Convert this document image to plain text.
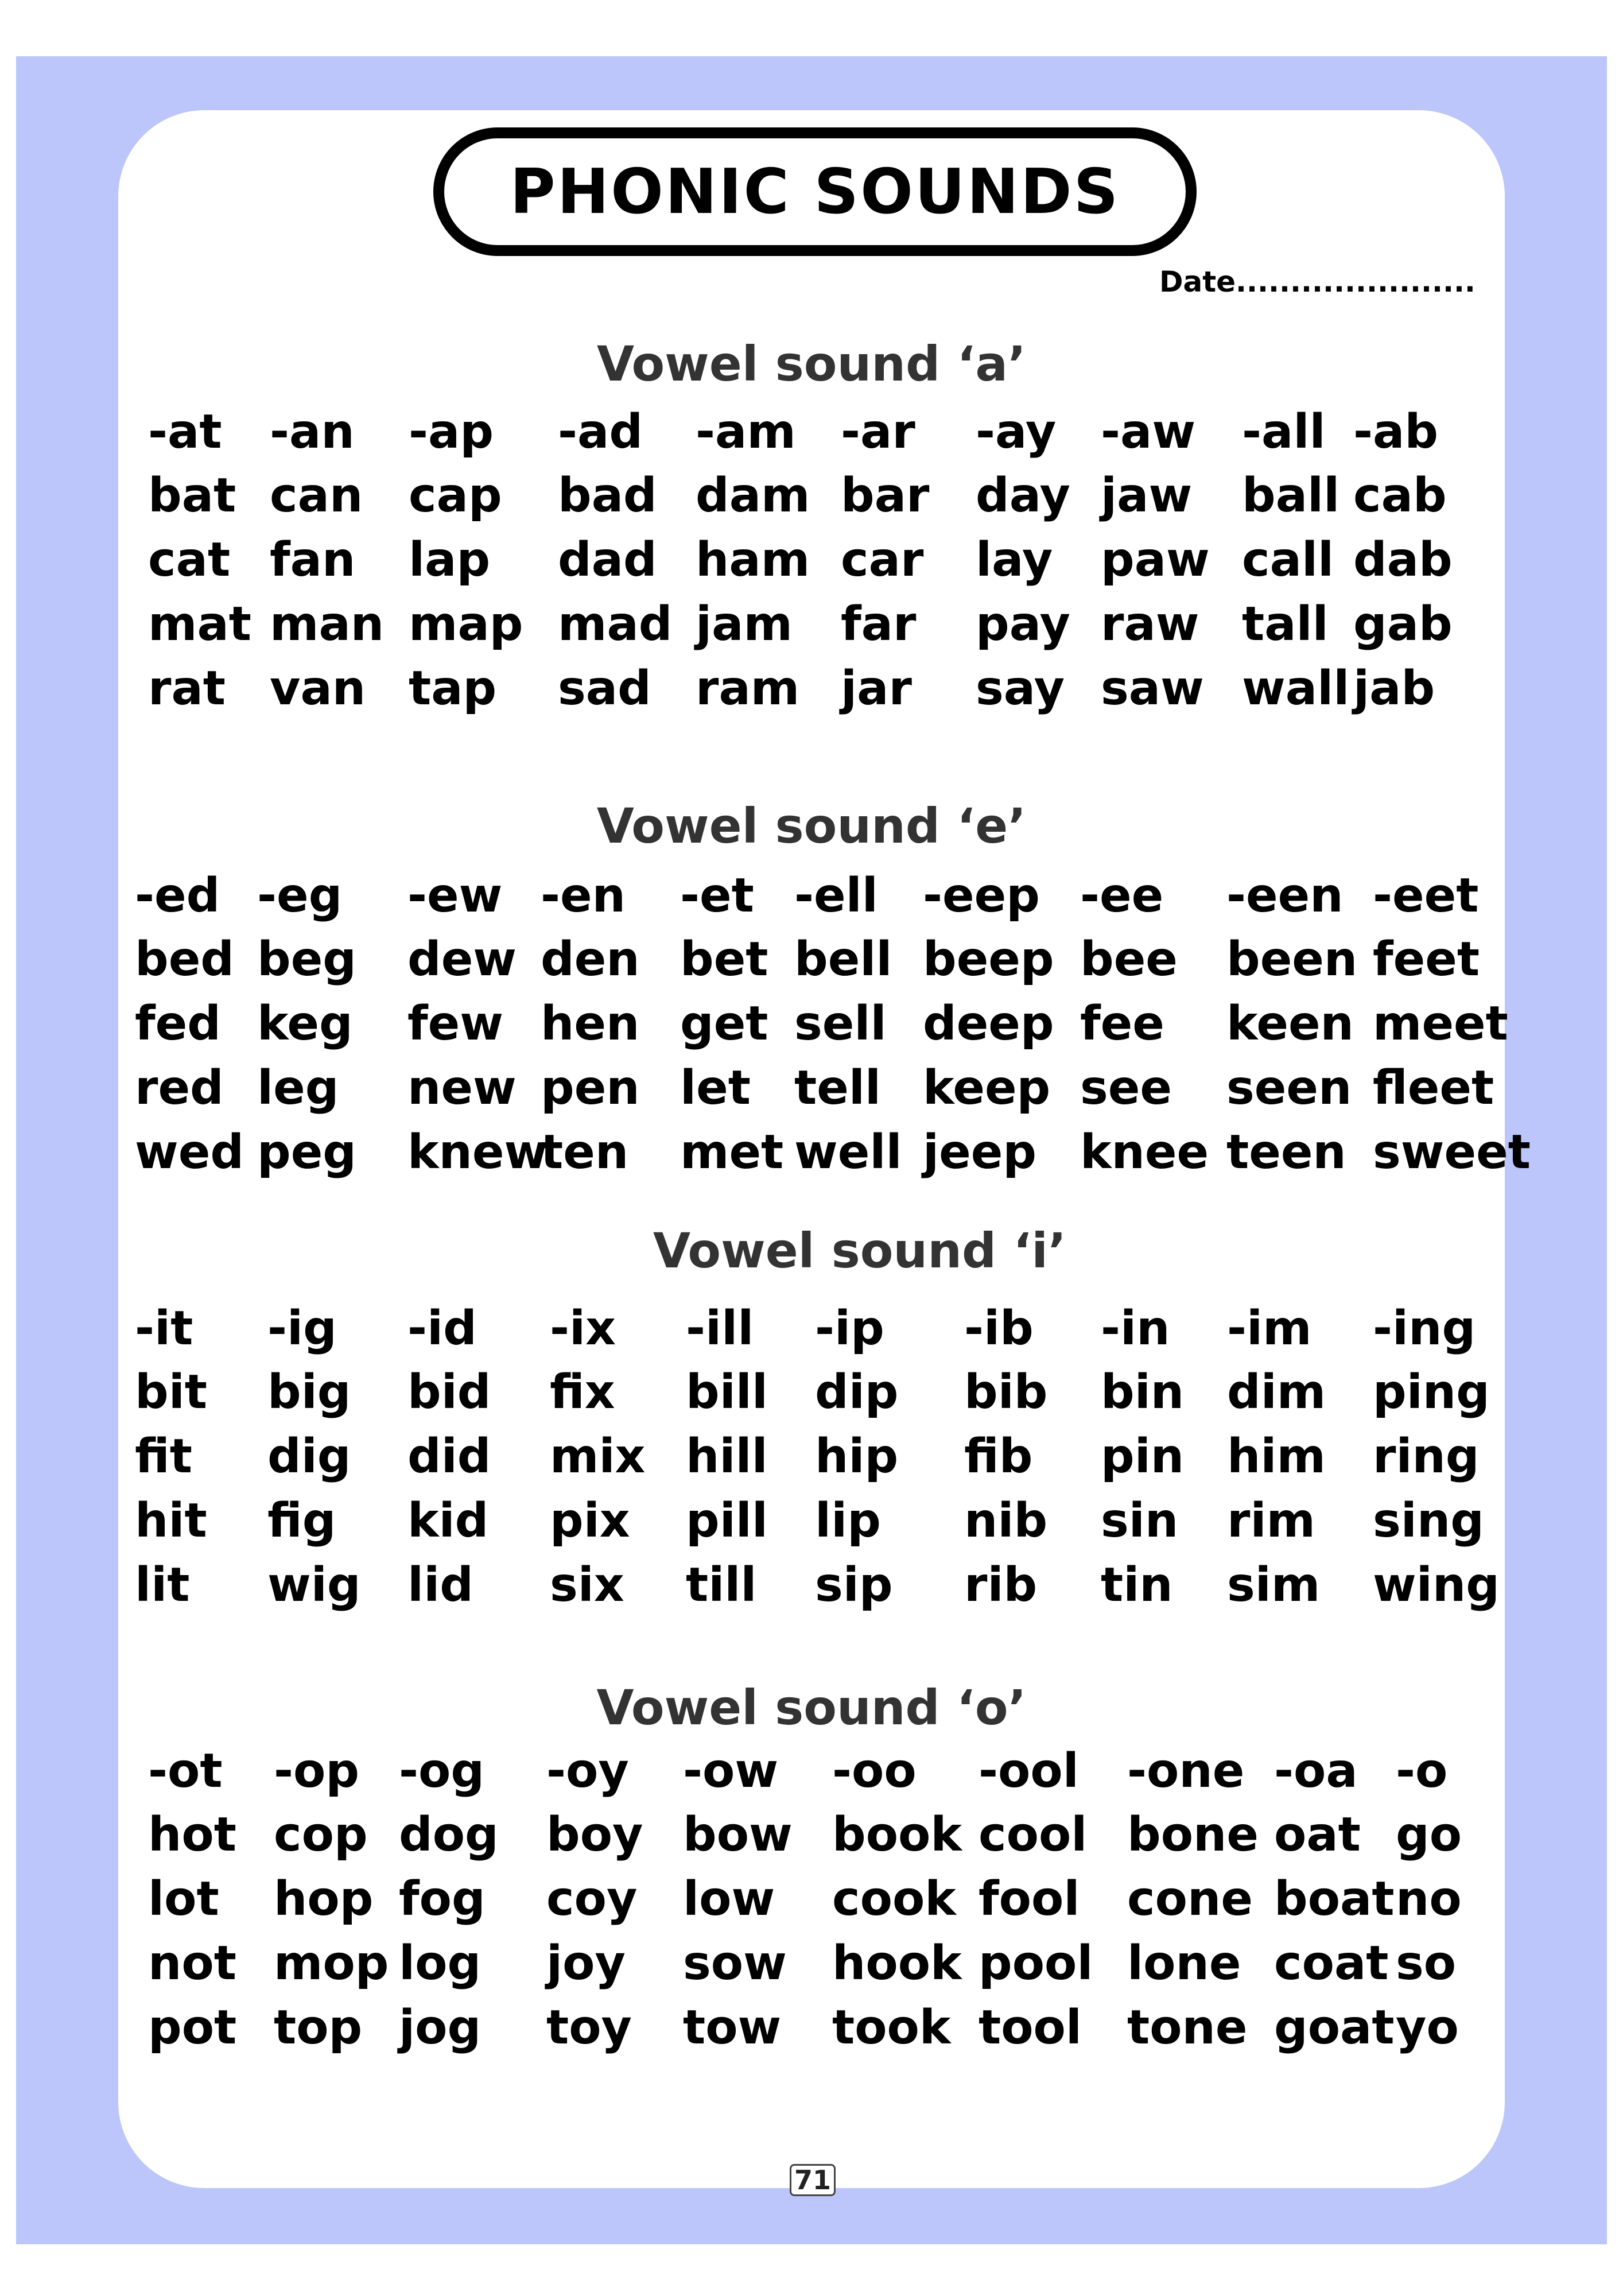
PHONIC SOUNDS
Date......................
Vowel sound ‘a’
-at -an -ap -ad -am -ar -ay -aw -all -ab
bat can cap bad dam bar day jaw ball cab
cat fan lap dad ham car lay paw call dab
mat man map mad jam far pay raw tall gab
rat van tap sad ram jar say saw wall jab
Vowel sound ‘e’
-ed -eg -ew -en -et -ell -eep -ee -een -eet
bed beg dew den bet bell beep bee been feet
fed keg few hen get sell deep fee keen meet
red leg new pen let tell keep see seen fleet
wed peg knew
ten met well jeep knee teen sweet
Vowel sound ‘i’
-it -ig -id -ix -ill -ip -ib -in -im -ing
bit big bid fix bill dip bib bin dim ping
fit dig did mix hill hip fib pin him ring
hit fig kid pix pill lip nib sin rim sing
lit wig lid six till sip rib tin sim wing
Vowel sound ‘o’
-ot -op -og -oy -ow -oo -ool -one -oa -o
hot cop dog boy bow book cool bone oat go
lot hop fog coy low cook fool cone boat no
not mop log joy sow hook pool lone coat so
pot top jog toy tow took tool tone goat yo
71
